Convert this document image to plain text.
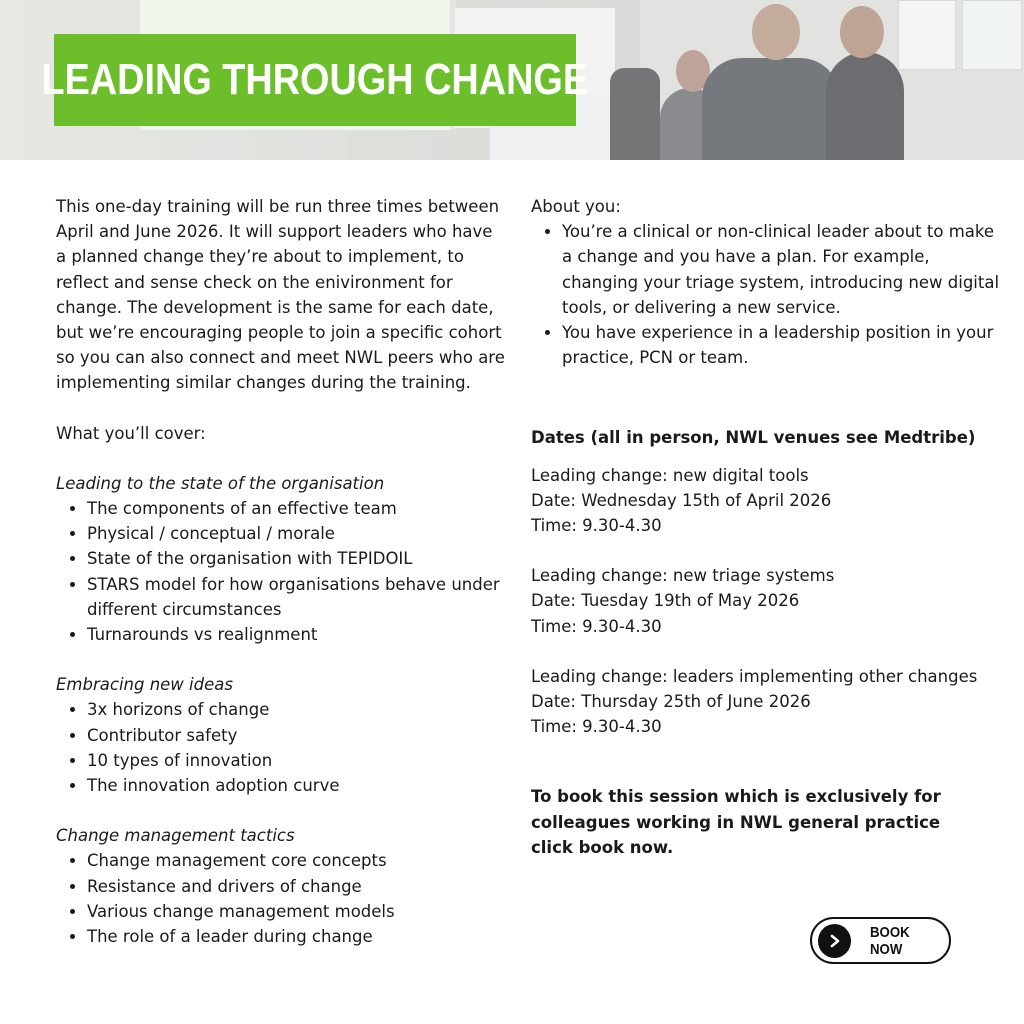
LEADING THROUGH CHANGE

This one-day training will be run three times between April and June 2026. It will support leaders who have a planned change they’re about to implement, to reflect and sense check on the enivironment for change. The development is the same for each date, but we’re encouraging people to join a specific cohort so you can also connect and meet NWL peers who are implementing similar changes during the training.

What you’ll cover:

Leading to the state of the organisation

• The components of an effective team
• Physical / conceptual / morale
• State of the organisation with TEPIDOIL
• STARS model for how organisations behave under different circumstances
• Turnarounds vs realignment

Embracing new ideas

• 3x horizons of change
• Contributor safety
• 10 types of innovation
• The innovation adoption curve

Change management tactics

• Change management core concepts
• Resistance and drivers of change
• Various change management models
• The role of a leader during change

About you:

• You’re a clinical or non-clinical leader about to make a change and you have a plan. For example, changing your triage system, introducing new digital tools, or delivering a new service.
• You have experience in a leadership position in your practice, PCN or team.

Dates (all in person, NWL venues see Medtribe)

Leading change: new digital tools

Date: Wednesday 15th of April 2026

Time: 9.30-4.30

Leading change: new triage systems

Date: Tuesday 19th of May 2026

Time: 9.30-4.30

Leading change: leaders implementing other changes

Date: Thursday 25th of June 2026

Time: 9.30-4.30

To book this session which is exclusively for colleagues working in NWL general practice click book now.

BOOK NOW
